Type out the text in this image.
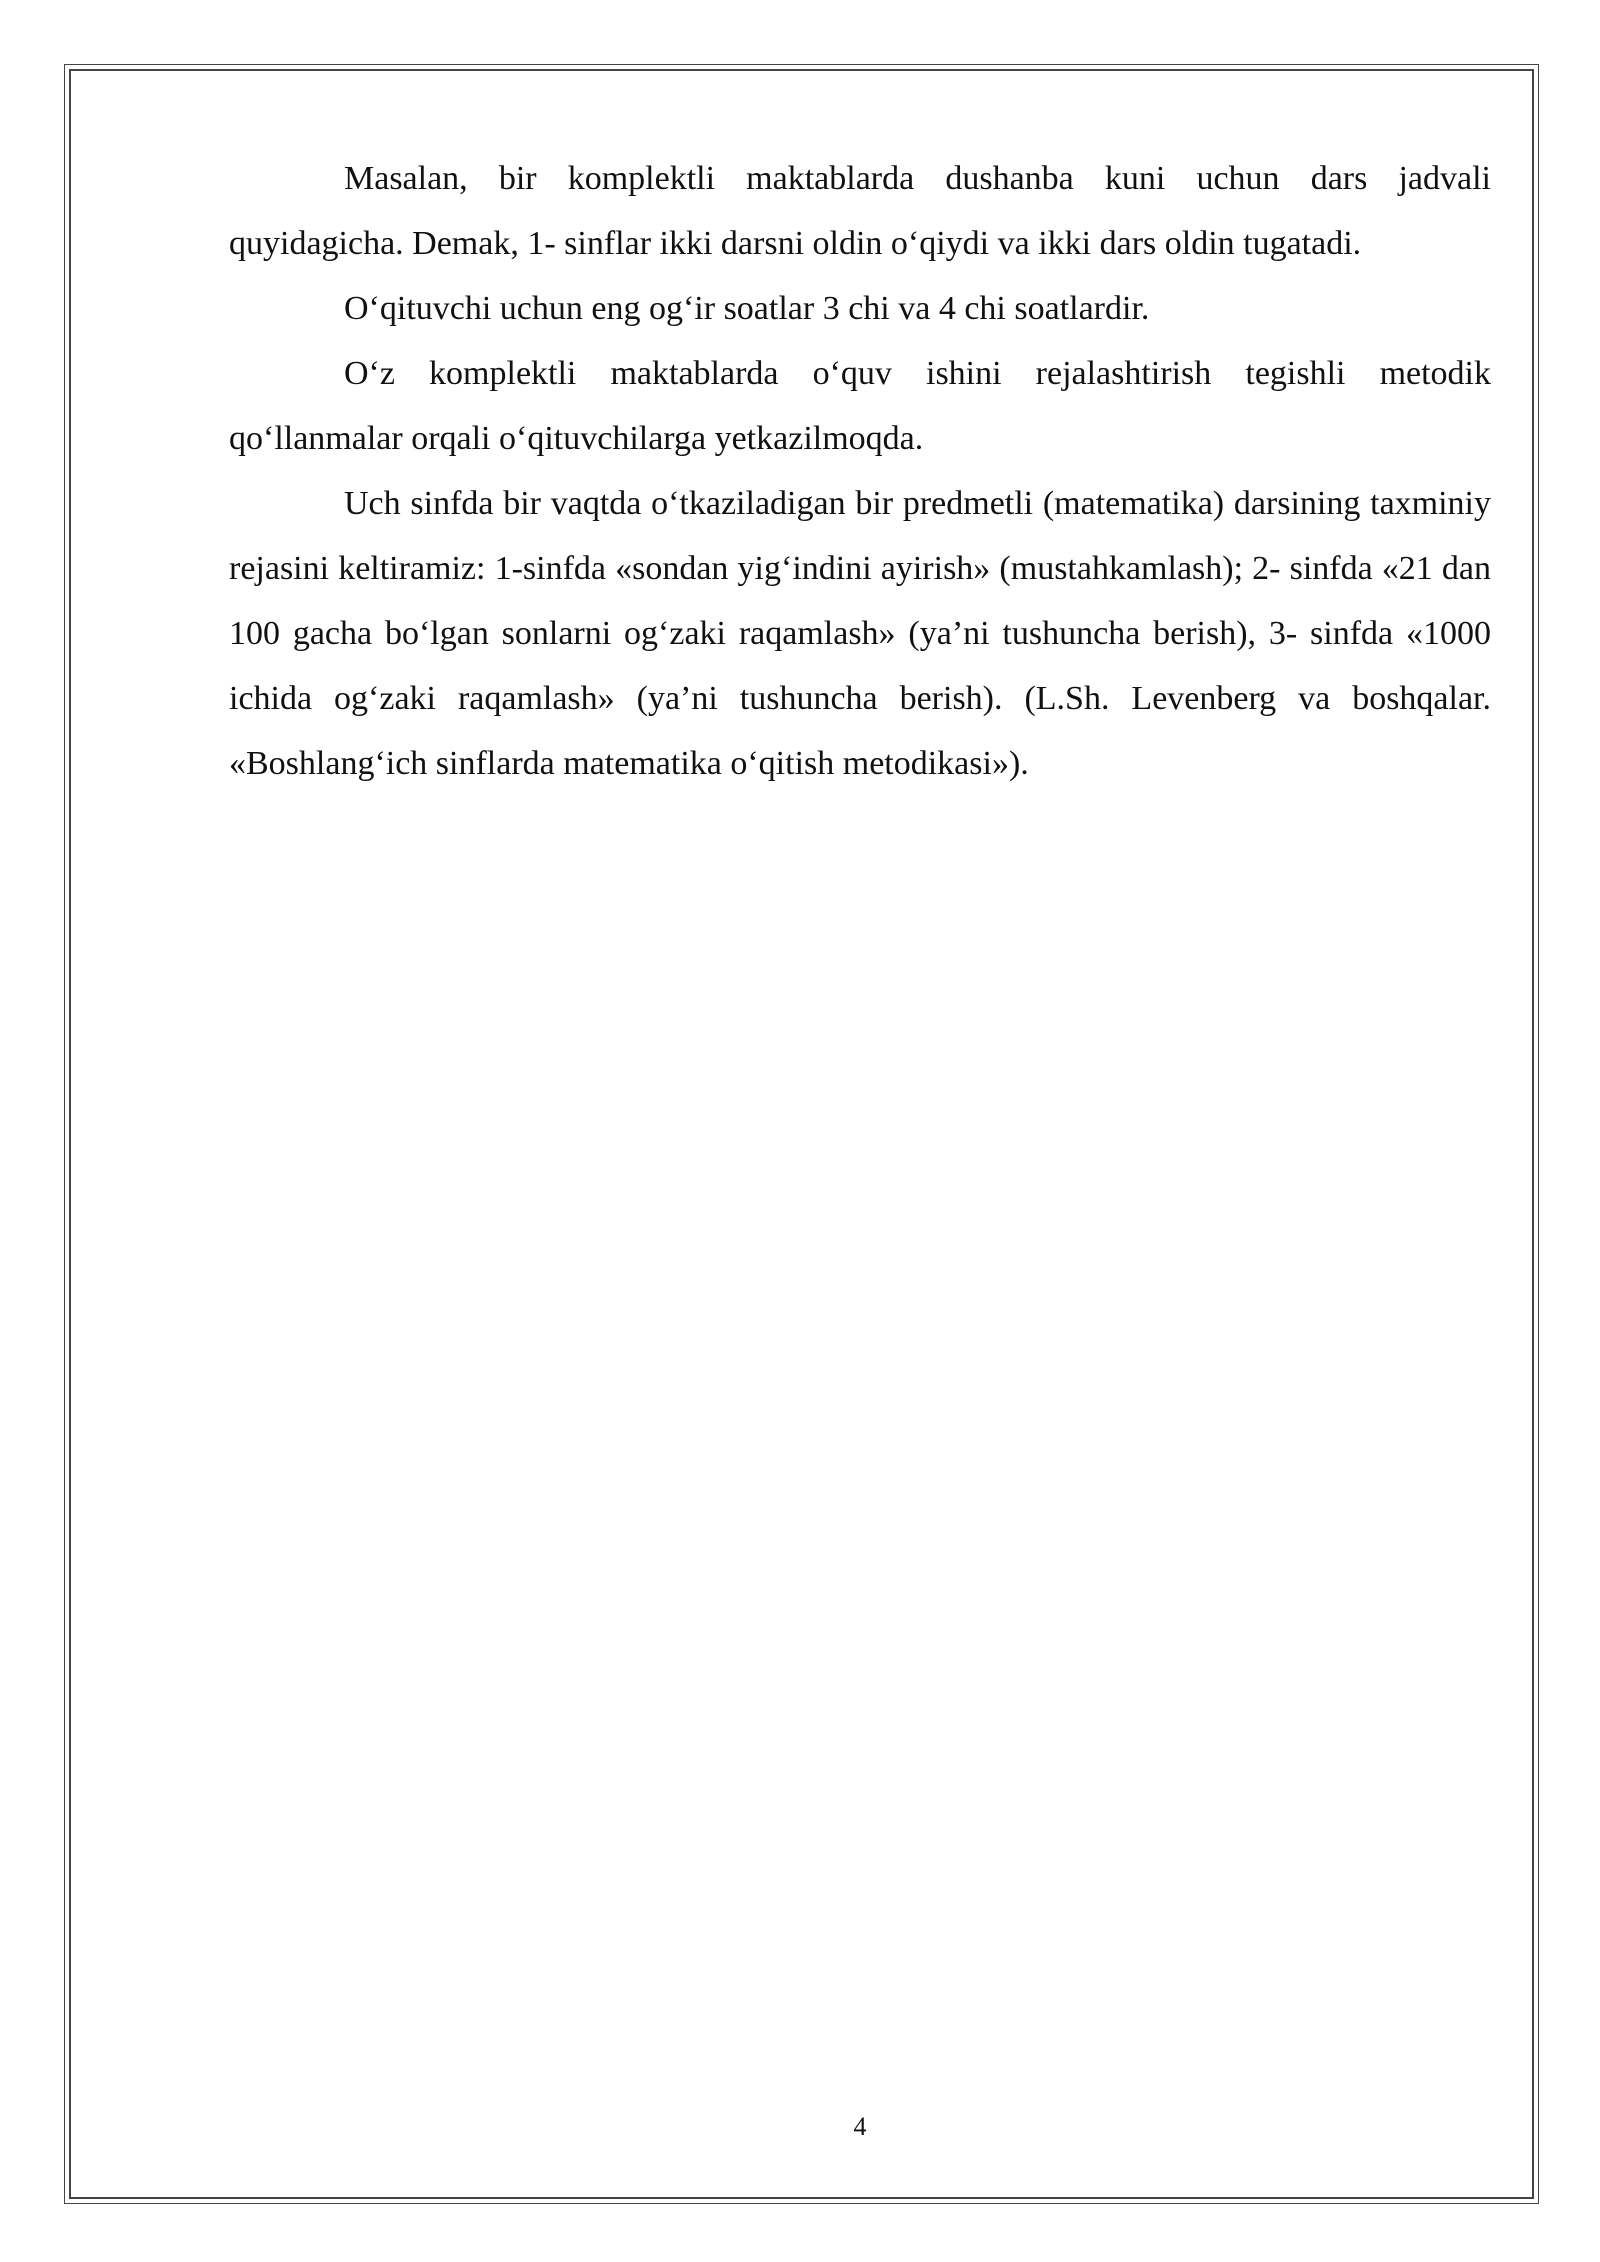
Masalan, bir komplektli maktablarda dushanba kuni uchun dars jadvali quyidagicha. Demak, 1- sinflar ikki darsni oldin o‘qiydi va ikki dars oldin tugatadi.

O‘qituvchi uchun eng og‘ir soatlar 3 chi va 4 chi soatlardir.

O‘z komplektli maktablarda o‘quv ishini rejalashtirish tegishli metodik qo‘llanmalar orqali o‘qituvchilarga yetkazilmoqda.

Uch sinfda bir vaqtda o‘tkaziladigan bir predmetli (matematika) darsining taxminiy rejasini keltiramiz: 1-sinfda «sondan yig‘indini ayirish» (mustahkamlash); 2- sinfda «21 dan 100 gacha bo‘lgan sonlarni og‘zaki raqamlash» (ya’ni tushuncha berish), 3- sinfda «1000 ichida og‘zaki raqamlash» (ya’ni tushuncha berish). (L.Sh. Levenberg va boshqalar. «Boshlang‘ich sinflarda matematika o‘qitish metodikasi»).

4
